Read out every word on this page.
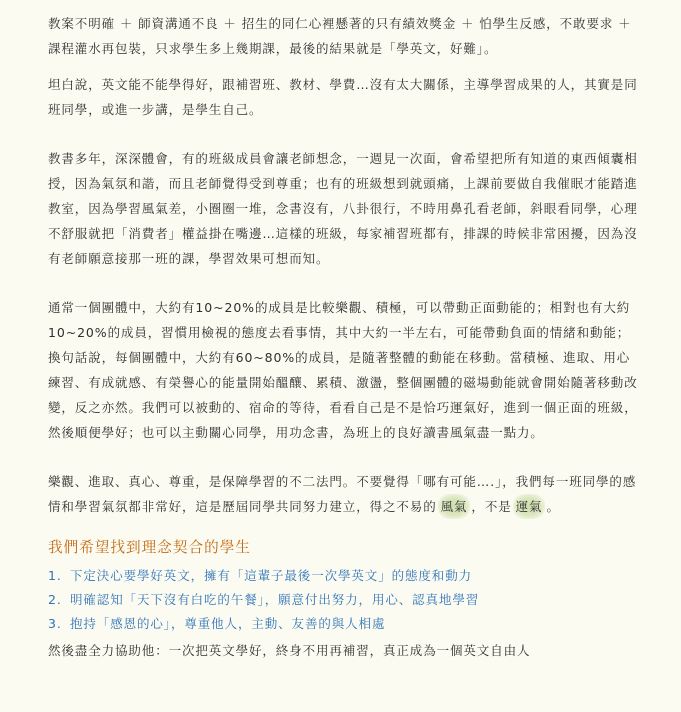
教案不明確 ＋ 師資溝通不良 ＋ 招生的同仁心裡懸著的只有績效獎金 ＋ 怕學生反感，不敢要求 ＋ 課程灌水再包裝，只求學生多上幾期課，最後的結果就是「學英文，好難」。

坦白說，英文能不能學得好，跟補習班、教材、學費…沒有太大關係，主導學習成果的人，其實是同班同學，或進一步講，是學生自己。

教書多年，深深體會，有的班級成員會讓老師想念，一週見一次面，會希望把所有知道的東西傾囊相授，因為氣氛和諧，而且老師覺得受到尊重；也有的班級想到就頭痛，上課前要做自我催眠才能踏進教室，因為學習風氣差，小圈圈一堆，念書沒有，八卦很行，不時用鼻孔看老師，斜眼看同學，心理不舒服就把「消費者」權益掛在嘴邊…這樣的班級，每家補習班都有，排課的時候非常困擾，因為沒有老師願意接那一班的課，學習效果可想而知。

通常一個團體中，大約有10~20%的成員是比較樂觀、積極，可以帶動正面動能的；相對也有大約10~20%的成員，習慣用檢視的態度去看事情，其中大約一半左右，可能帶動負面的情緒和動能；換句話說，每個團體中，大約有60~80%的成員，是隨著整體的動能在移動。當積極、進取、用心練習、有成就感、有榮譽心的能量開始醞釀、累積、激盪，整個團體的磁場動能就會開始隨著移動改變，反之亦然。我們可以被動的、宿命的等待，看看自己是不是恰巧運氣好，進到一個正面的班級，然後順便學好；也可以主動關心同學，用功念書，為班上的良好讀書風氣盡一點力。

樂觀、進取、真心、尊重，是保障學習的不二法門。不要覺得「哪有可能….」，我們每一班同學的感情和學習氣氛都非常好，這是歷屆同學共同努力建立，得之不易的 風氣 ，不是 運氣 。

我們希望找到理念契合的學生
1. 下定決心要學好英文，擁有「這輩子最後一次學英文」的態度和動力
2. 明確認知「天下沒有白吃的午餐」，願意付出努力，用心、認真地學習
3. 抱持「感恩的心」，尊重他人，主動、友善的與人相處

然後盡全力協助他：一次把英文學好，終身不用再補習，真正成為一個英文自由人
